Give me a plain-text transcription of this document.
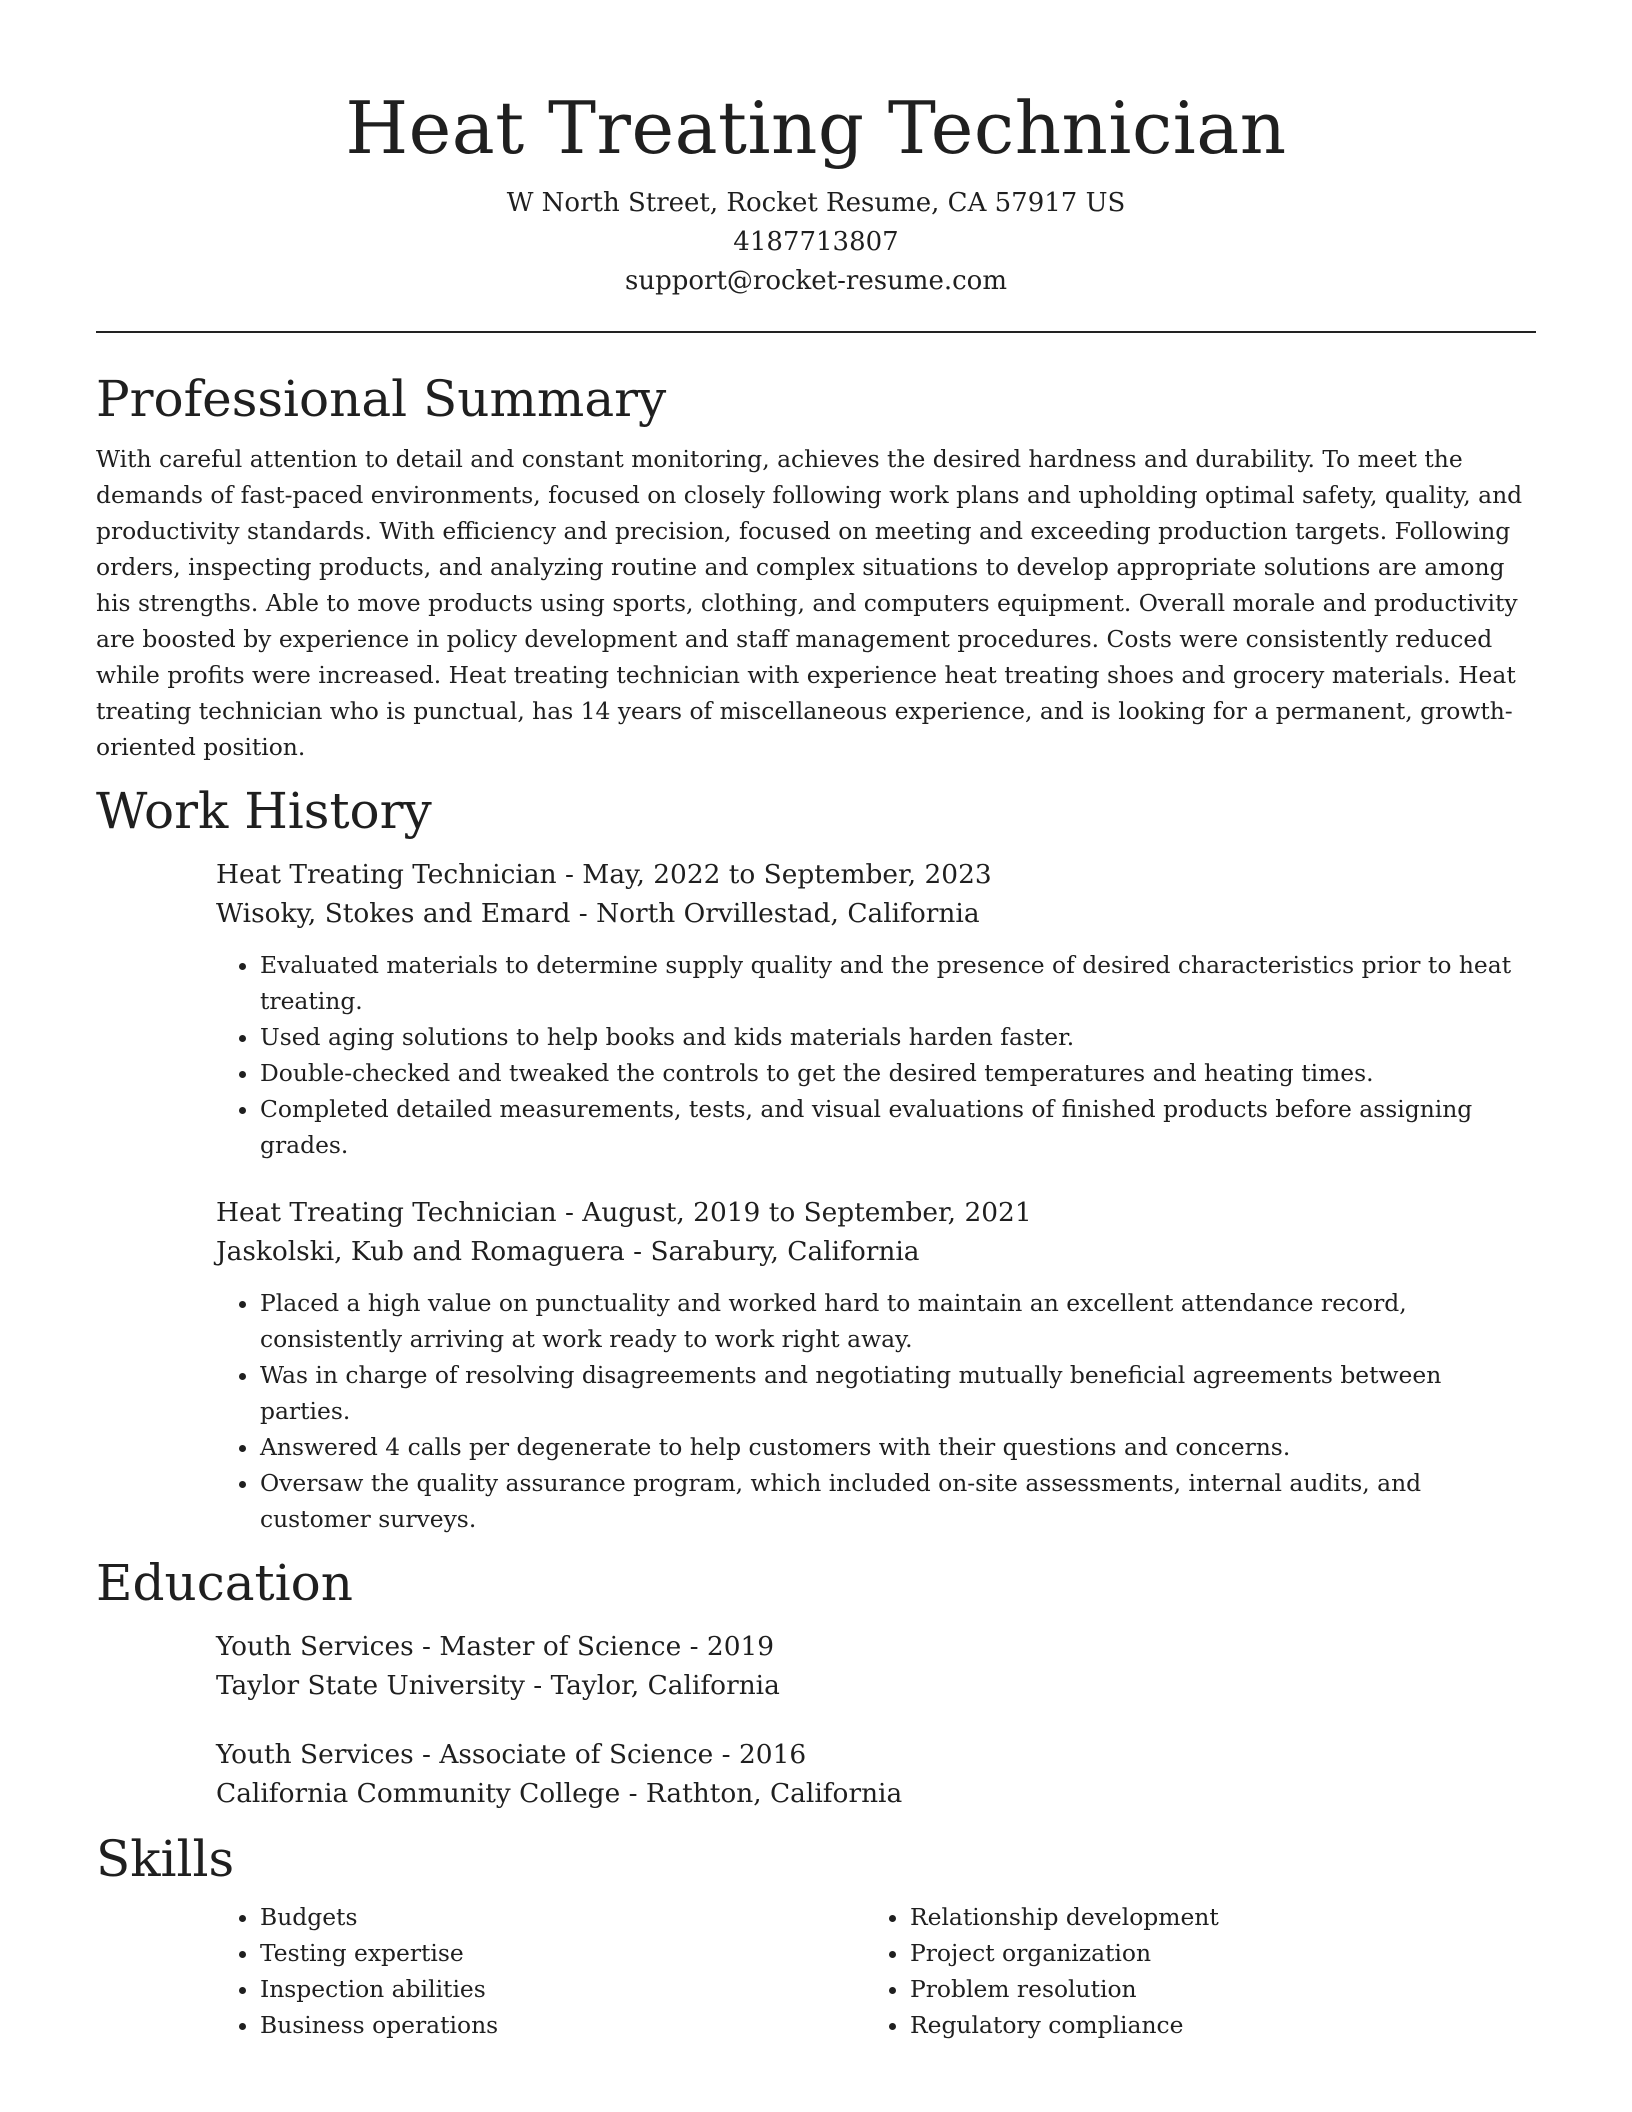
Heat Treating Technician
W North Street, Rocket Resume, CA 57917 US
4187713807
support@rocket-resume.com
Professional Summary

With careful attention to detail and constant monitoring, achieves the desired hardness and durability. To meet the demands of fast-paced environments, focused on closely following work plans and upholding optimal safety, quality, and productivity standards. With efficiency and precision, focused on meeting and exceeding production targets. Following orders, inspecting products, and analyzing routine and complex situations to develop appropriate solutions are among his strengths. Able to move products using sports, clothing, and computers equipment. Overall morale and productivity are boosted by experience in policy development and staff management procedures. Costs were consistently reduced while profits were increased. Heat treating technician with experience heat treating shoes and grocery materials. Heat treating technician who is punctual, has 14 years of miscellaneous experience, and is looking for a permanent, growth-oriented position.

Work History
Heat Treating Technician - May, 2022 to September, 2023
Wisoky, Stokes and Emard - North Orvillestad, California
• Evaluated materials to determine supply quality and the presence of desired characteristics prior to heat treating.
• Used aging solutions to help books and kids materials harden faster.
• Double-checked and tweaked the controls to get the desired temperatures and heating times.
• Completed detailed measurements, tests, and visual evaluations of finished products before assigning grades.
Heat Treating Technician - August, 2019 to September, 2021
Jaskolski, Kub and Romaguera - Sarabury, California
• Placed a high value on punctuality and worked hard to maintain an excellent attendance record, consistently arriving at work ready to work right away.
• Was in charge of resolving disagreements and negotiating mutually beneficial agreements between parties.
• Answered 4 calls per degenerate to help customers with their questions and concerns.
• Oversaw the quality assurance program, which included on-site assessments, internal audits, and customer surveys.
Education
Youth Services - Master of Science - 2019
Taylor State University - Taylor, California
Youth Services - Associate of Science - 2016
California Community College - Rathton, California
Skills
• Budgets
• Testing expertise
• Inspection abilities
• Business operations
• Relationship development
• Project organization
• Problem resolution
• Regulatory compliance
